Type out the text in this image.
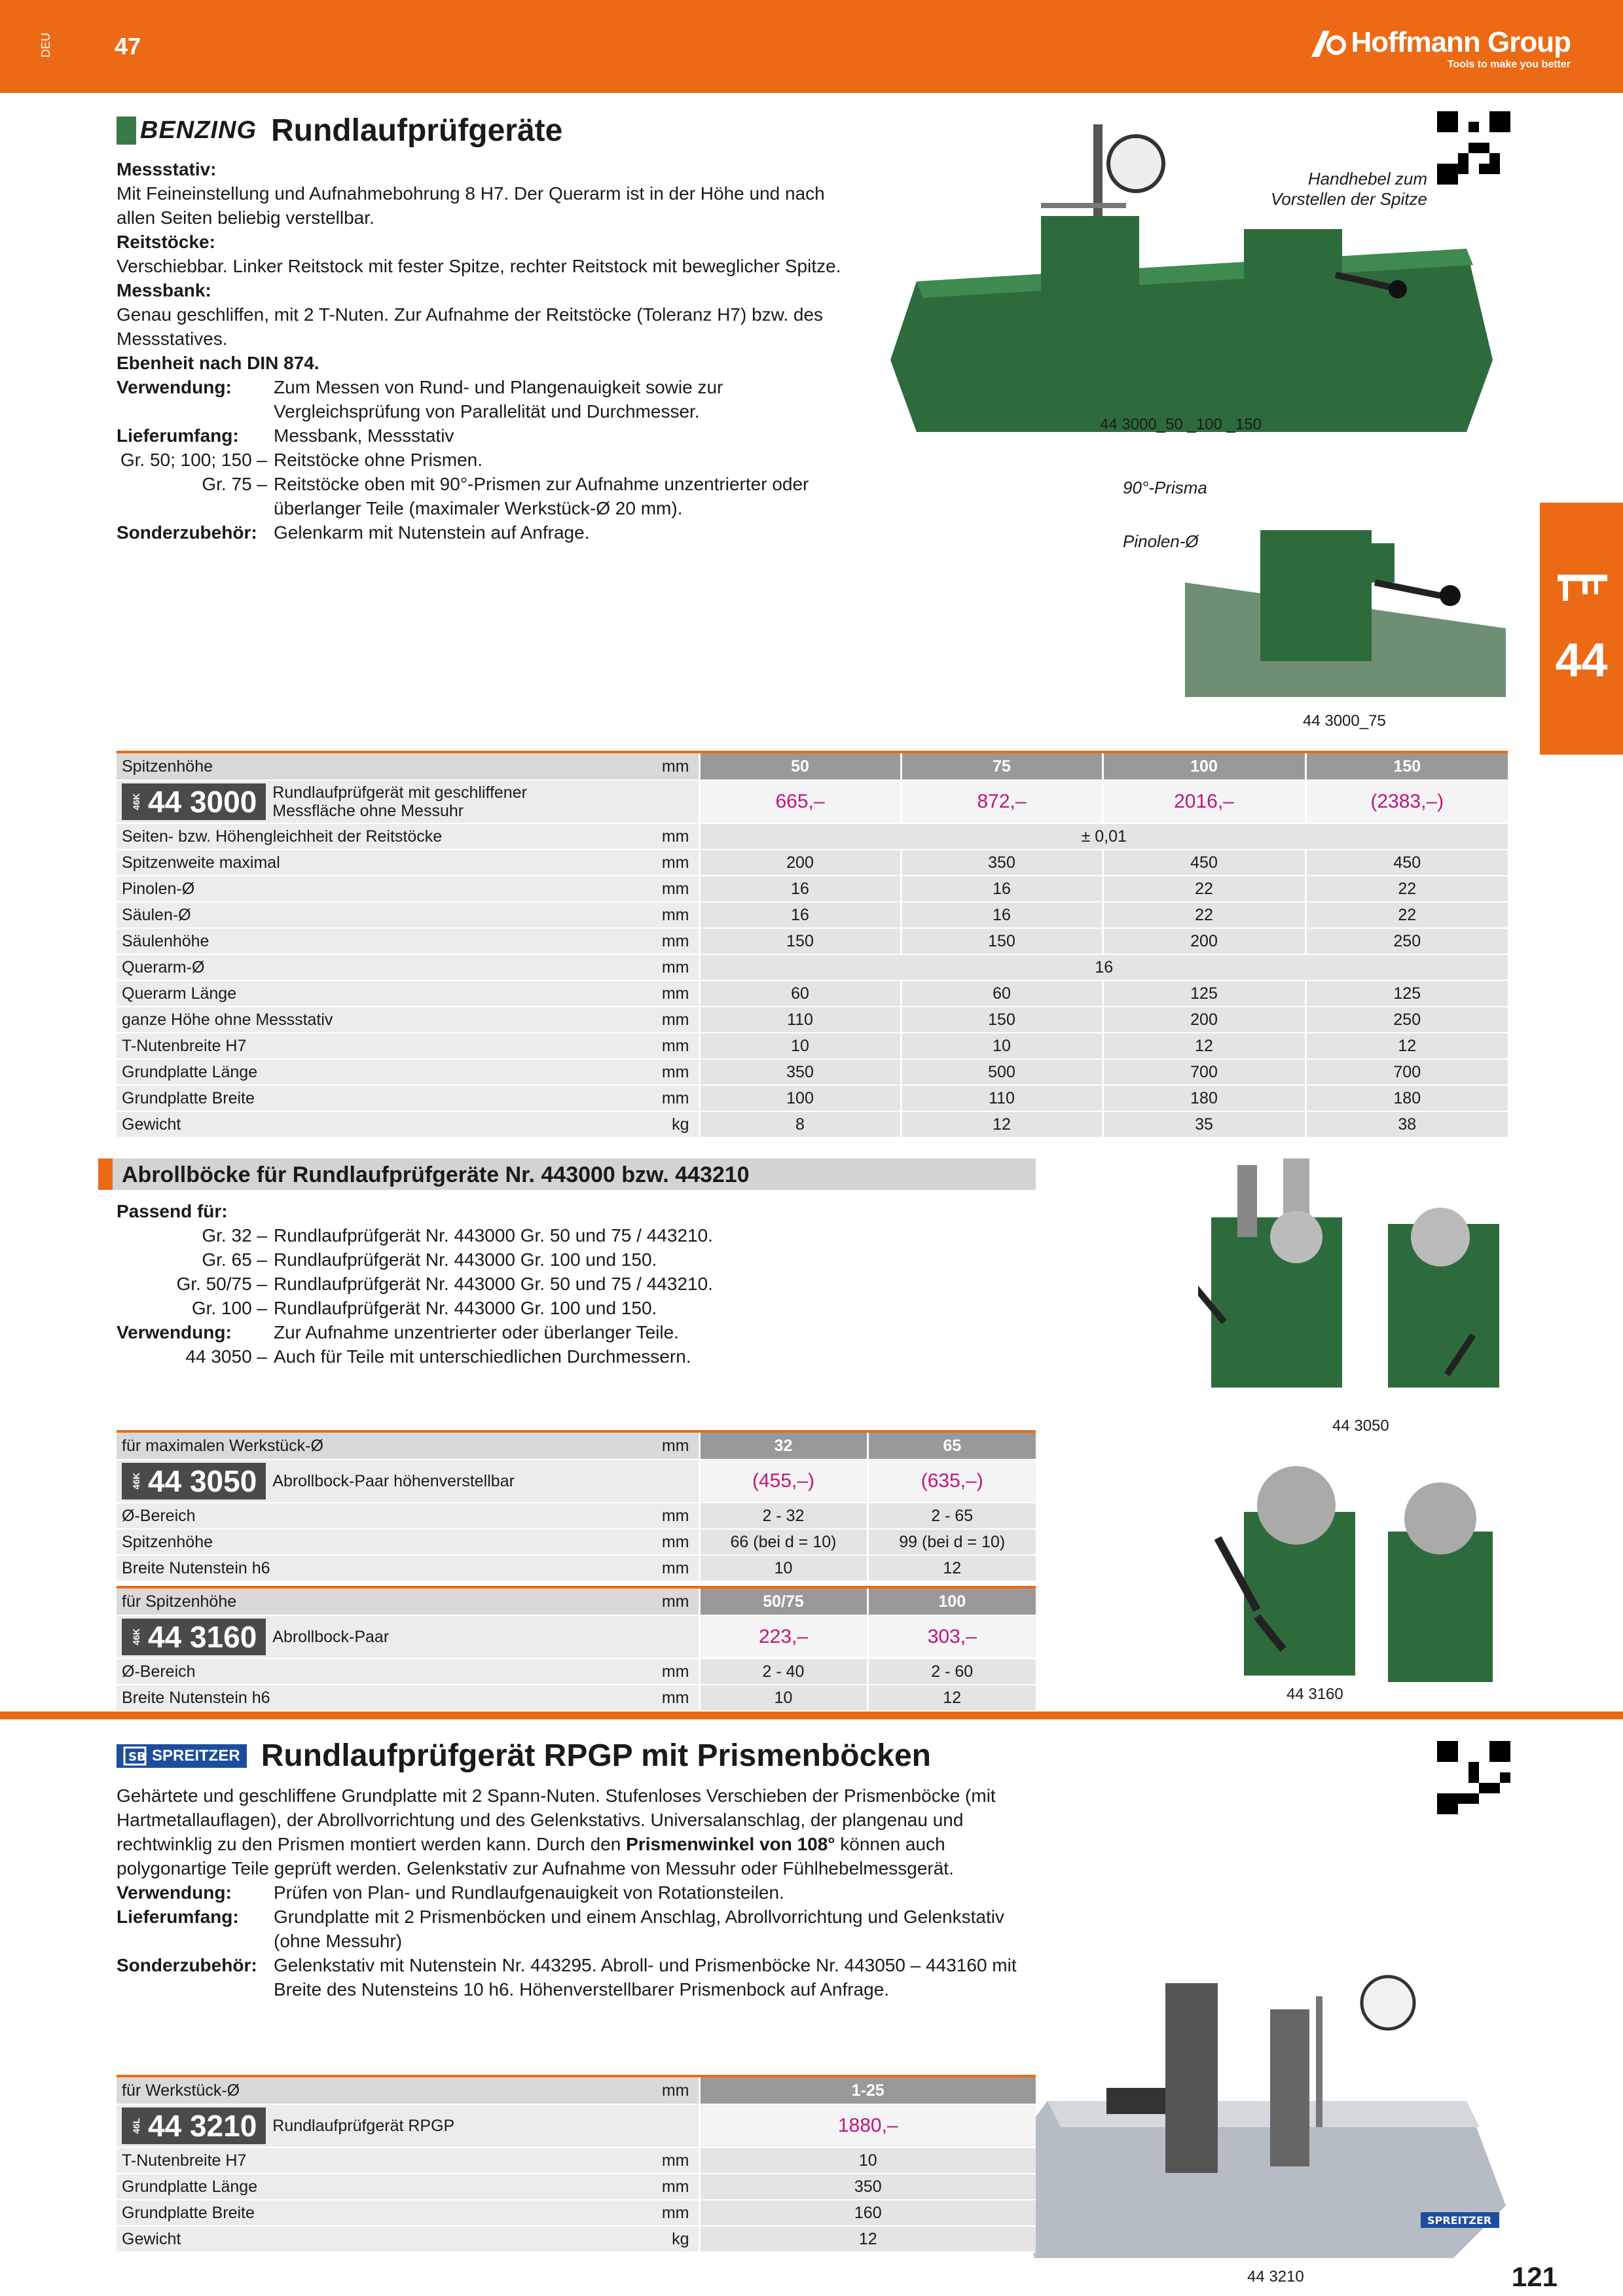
DEU	47	Hoffmann Group
Tools to make you better
44
BENZING Rundlaufprüfgeräte
Messstativ:
Mit Feineinstellung und Aufnahmebohrung 8 H7. Der Querarm ist in der Höhe und nach allen Seiten beliebig verstellbar.
Reitstöcke:
Verschiebbar. Linker Reitstock mit fester Spitze, rechter Reitstock mit beweglicher Spitze.
Messbank:
Genau geschliffen, mit 2 T-Nuten. Zur Aufnahme der Reitstöcke (Toleranz H7) bzw. des Messstatives.
Ebenheit nach DIN 874.
Verwendung:	Zum Messen von Rund- und Plangenauigkeit sowie zur Vergleichsprüfung von Parallelität und Durchmesser.
Lieferumfang:	Messbank, Messstativ
Gr. 50; 100; 150 – Reitstöcke ohne Prismen.
Gr. 75 – Reitstöcke oben mit 90°-Prismen zur Aufnahme unzentrierter oder überlanger Teile (maximaler Werkstück-Ø 20 mm).
Sonderzubehör: Gelenkarm mit Nutenstein auf Anfrage.
Handhebel zum Vorstellen der Spitze
44 3000_50 _100 _150
90°-Prisma
Pinolen-Ø
44 3000_75
Spitzenhöhe	mm	50	75	100	150

46K 44 3000 Rundlaufprüfgerät mit geschliffener Messfläche ohne Messuhr		665,–	872,–	2016,–	(2383,–)
Seiten- bzw. Höhengleichheit der Reitstöcke	mm	± 0,01			
Spitzenweite maximal	mm	200	350	450	450
Pinolen-Ø	mm	16	16	22	22
Säulen-Ø	mm	16	16	22	22
Säulenhöhe	mm	150	150	200	250
Querarm-Ø	mm	16			
Querarm Länge	mm	60	60	125	125
ganze Höhe ohne Messstativ	mm	110	150	200	250
T-Nutenbreite H7	mm	10	10	12	12
Grundplatte Länge	mm	350	500	700	700
Grundplatte Breite	mm	100	110	180	180
Gewicht	kg	8	12	35	38
Abrollböcke für Rundlaufprüfgeräte Nr. 443000 bzw. 443210
Passend für:
Gr. 32 – Rundlaufprüfgerät Nr. 443000 Gr. 50 und 75 / 443210.
Gr. 65 – Rundlaufprüfgerät Nr. 443000 Gr. 100 und 150.
Gr. 50/75 – Rundlaufprüfgerät Nr. 443000 Gr. 50 und 75 / 443210.
Gr. 100 – Rundlaufprüfgerät Nr. 443000 Gr. 100 und 150.
Verwendung:	Zur Aufnahme unzentrierter oder überlanger Teile.
44 3050 – Auch für Teile mit unterschiedlichen Durchmessern.
44 3050
44 3160
für maximalen Werkstück-Ø	mm	32	65

46K 44 3050 Abrollbock-Paar höhenverstellbar		(455,–)	(635,–)
Ø-Bereich	mm	2 - 32	2 - 65
Spitzenhöhe	mm	66 (bei d = 10)	99 (bei d = 10)
Breite Nutenstein h6	mm	10	12
für Spitzenhöhe	mm	50/75	100

46K 44 3160 Abrollbock-Paar		223,–	303,–
Ø-Bereich	mm	2 - 40	2 - 60
Breite Nutenstein h6	mm	10	12
SB SPREITZER Rundlaufprüfgerät RPGP mit Prismenböcken
Gehärtete und geschliffene Grundplatte mit 2 Spann-Nuten. Stufenloses Verschieben der Prismenböcke (mit Hartmetallauflagen), der Abrollvorrichtung und des Gelenkstativs. Universalanschlag, der plangenau und rechtwinklig zu den Prismen montiert werden kann. Durch den Prismenwinkel von 108° können auch polygonartige Teile geprüft werden. Gelenkstativ zur Aufnahme von Messuhr oder Fühlhebelmessgerät.
Verwendung:	Prüfen von Plan- und Rundlaufgenauigkeit von Rotationsteilen.
Lieferumfang:	Grundplatte mit 2 Prismenböcken und einem Anschlag, Abrollvorrichtung und Gelenkstativ (ohne Messuhr)
Sonderzubehör: Gelenkstativ mit Nutenstein Nr. 443295. Abroll- und Prismenböcke Nr. 443050 – 443160 mit Breite des Nutensteins 10 h6. Höhenverstellbarer Prismenbock auf Anfrage.
SPREITZER
44 3210
für Werkstück-Ø	mm	1-25

46L 44 3210 Rundlaufprüfgerät RPGP		1880,–
T-Nutenbreite H7	mm	10
Grundplatte Länge	mm	350
Grundplatte Breite	mm	160
Gewicht	kg	12
121
